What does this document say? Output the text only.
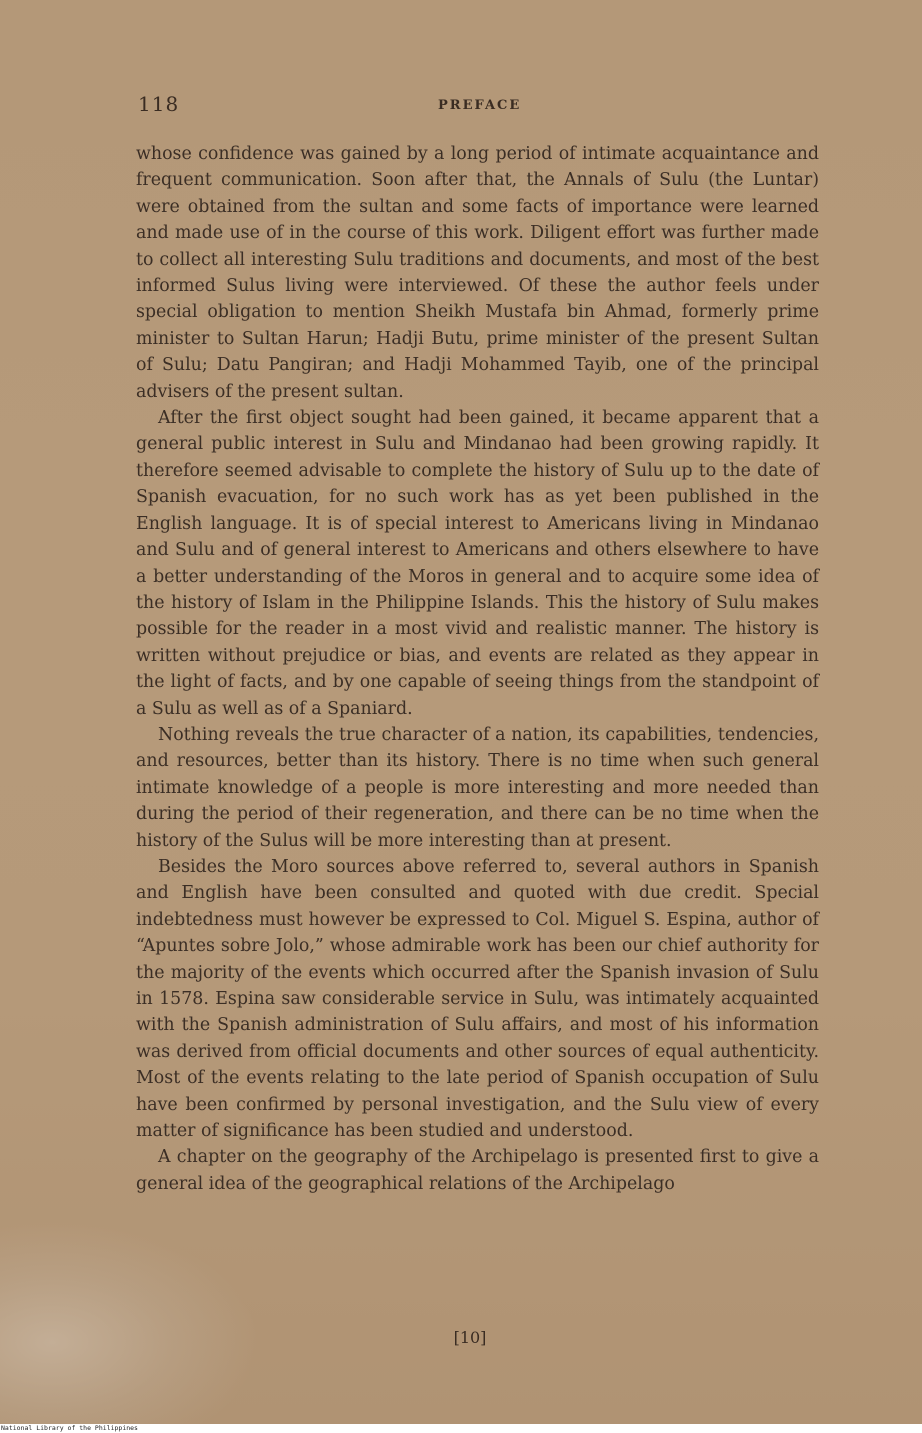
118	PREFACE

whose confidence was gained by a long period of intimate acquaintance and frequent communication. Soon after that, the Annals of Sulu (the Luntar) were obtained from the sultan and some facts of importance were learned and made use of in the course of this work. Diligent effort was further made to collect all interesting Sulu traditions and documents, and most of the best informed Sulus living were interviewed. Of these the author feels under special obligation to mention Sheikh Mustafa bin Ahmad, formerly prime minister to Sultan Harun; Hadji Butu, prime minister of the present Sultan of Sulu; Datu Pangiran; and Hadji Mohammed Tayib, one of the principal advisers of the present sultan.

After the first object sought had been gained, it became apparent that a general public interest in Sulu and Mindanao had been growing rapidly. It therefore seemed advisable to complete the history of Sulu up to the date of Spanish evacuation, for no such work has as yet been published in the English language. It is of special interest to Americans living in Mindanao and Sulu and of general interest to Americans and others elsewhere to have a better understanding of the Moros in general and to acquire some idea of the history of Islam in the Philippine Islands. This the history of Sulu makes possible for the reader in a most vivid and realistic manner. The history is written without prejudice or bias, and events are related as they appear in the light of facts, and by one capable of seeing things from the standpoint of a Sulu as well as of a Spaniard.

Nothing reveals the true character of a nation, its capabilities, tendencies, and resources, better than its history. There is no time when such general intimate knowledge of a people is more interesting and more needed than during the period of their regeneration, and there can be no time when the history of the Sulus will be more interesting than at present.

Besides the Moro sources above referred to, several authors in Spanish and English have been consulted and quoted with due credit. Special indebtedness must however be expressed to Col. Miguel S. Espina, author of “Apuntes sobre Jolo,” whose admirable work has been our chief authority for the majority of the events which occurred after the Spanish invasion of Sulu in 1578. Espina saw considerable service in Sulu, was intimately acquainted with the Spanish administration of Sulu affairs, and most of his information was derived from official documents and other sources of equal authenticity. Most of the events relating to the late period of Spanish occupation of Sulu have been confirmed by personal investigation, and the Sulu view of every matter of significance has been studied and understood.

A chapter on the geography of the Archipelago is presented first to give a general idea of the geographical relations of the Archipelago

[10]
National Library of the Philippines
